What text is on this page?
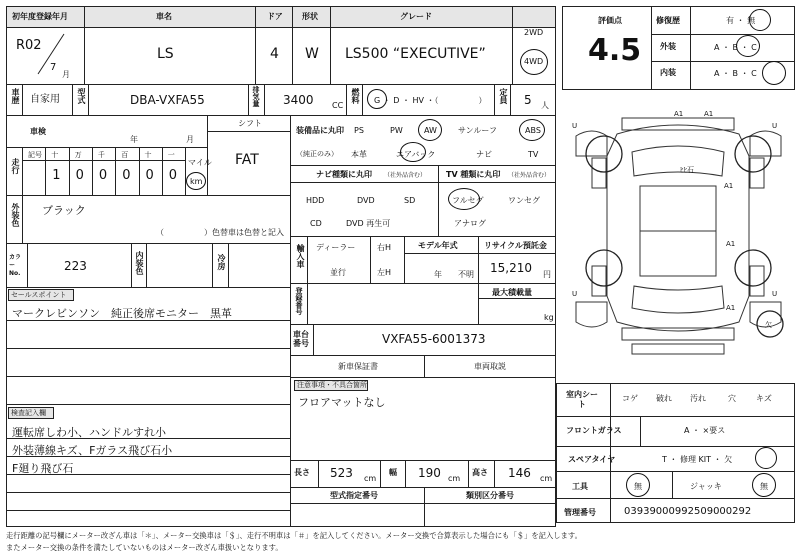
初年度登録年月	車名	ドア 形状	グレード
R02
7
月
LS	4 W LS500 “EXECUTIVE”
2WD
4WD
車歴 自家用 型式	DBA-VXFA55	排気量 3400 CC
燃料 G ・ D ・ HV ・（　　　　　） 定員 5 人
車検
年	月
シフト
FAT
走行
記号 十 万 千 百 十 一
1 0 0 0 0 0
マイル
km
外装色 ブラック
（　　　　　）色替車は色替と記入
カラーNo.
223	内装色	冷房
セールスポイント
マークレビンソン　純正後席モニター　黒革
検査記入欄
運転席しわ小、ハンドルすれ小
外装薄線キズ、Fガラス飛び石小
F廻り飛び石
装備品に丸印
（純正のみ）
PS	PW	AW	サンルーフ	ABS
本革	エアバック	ナビ	TV
ナビ種類に丸印 （社外品含む） TV 種類に丸印 （社外品含む）
HDD	DVD	SD
CD	DVD 再生可
フルセグ	ワンセグ
アナログ
輸入車 ディーラー
並行
右H
左H
モデル年式
年 不明
リサイクル預託金
15,210 円
登録番号	最大積載量
kg
車台番号	VXFA55-6001373
新車保証書	車両取説
注意事項・不具合箇所
フロアマットなし
長さ 523 cm
幅 190 cm
高さ 146 cm
型式指定番号	類別区分番号
評価点
4.5
修復歴	有 ・ 無
外装	A ・ B ・ C
内装	A ・ B ・ C
U	U
U	U
A1	A1
A1
A1
A1
ﾋﾋ石
欠
室内シート
コゲ 破れ 汚れ	穴	キズ
フロントガラス	A ・ ×要ス
スペアタイヤ	T ・ 修理 KIT ・ 欠
工具	無	ジャッキ	無
管理番号	03939000992509000292
走行距離の記号欄にメーター改ざん車は「＊」、メーター交換車は「＄」、走行不明車は「＃」を記入してください。メーター交換で合算表示した場合にも「＄」を記入します。
またメーター交換の条件を満たしていないものはメーター改ざん車扱いとなります。
